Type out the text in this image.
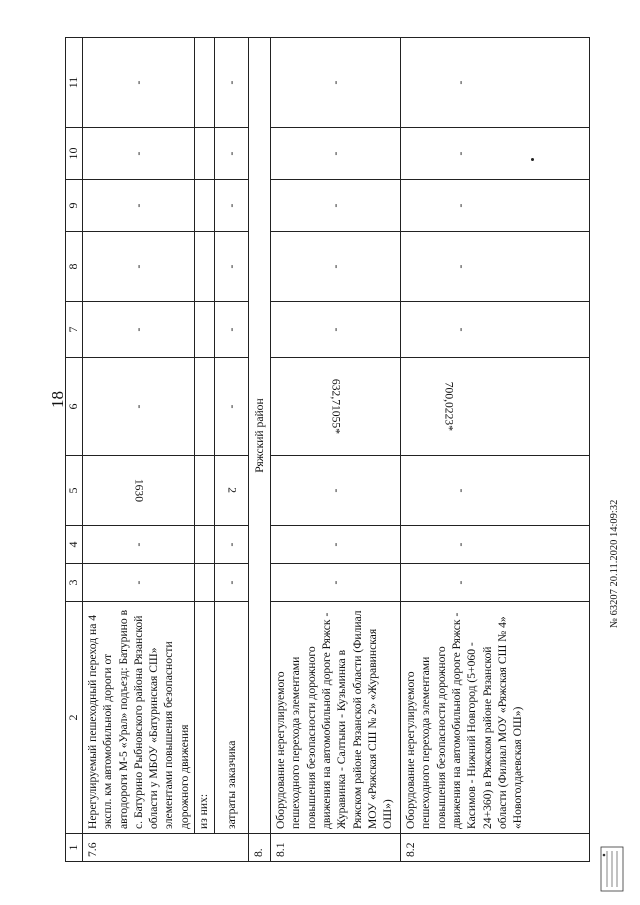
18
1	2	3	4	5	6	7	8	9	10	11
7.6	Нерегулируемый пешеходный переход на 4 экспл. км автомобильной дороги от автодороги М-5 «Урал» подъезд: Батурино в с. Батурино Рыбновского района Рязанской области у МБОУ «Батуринская СШ» элементами повышения безопасности дорожного движения	-	-	1630	-	-	-	-	-	-
	из них:									
	затраты заказчика	-	-	2	-	-	-	-	-	-
8.	Ряжский район									
8.1	Оборудование нерегулируемого пешеходного перехода элементами повышения безопасности дорожного движения на автомобильной дороге Ряжск - Журавинка - Салтыки - Кузьминка в Ряжском районе Рязанской области (Филиал МОУ «Ряжская СШ № 2» «Журавинская ОШ»)	-	-	-	632,71055*	-	-	-	-	-
8.2	Оборудование нерегулируемого пешеходного перехода элементами повышения безопасности дорожного движения на автомобильной дороге Ряжск - Касимов - Нижний Новгород (5+060 - 24+360) в Ряжском районе Рязанской области (Филиал МОУ «Ряжская СШ № 4» «Новоголдаевская ОШ»)	-	-	-	700,0223*	-	-	-	-	-
№ 63207 20.11.2020 14:09:32
